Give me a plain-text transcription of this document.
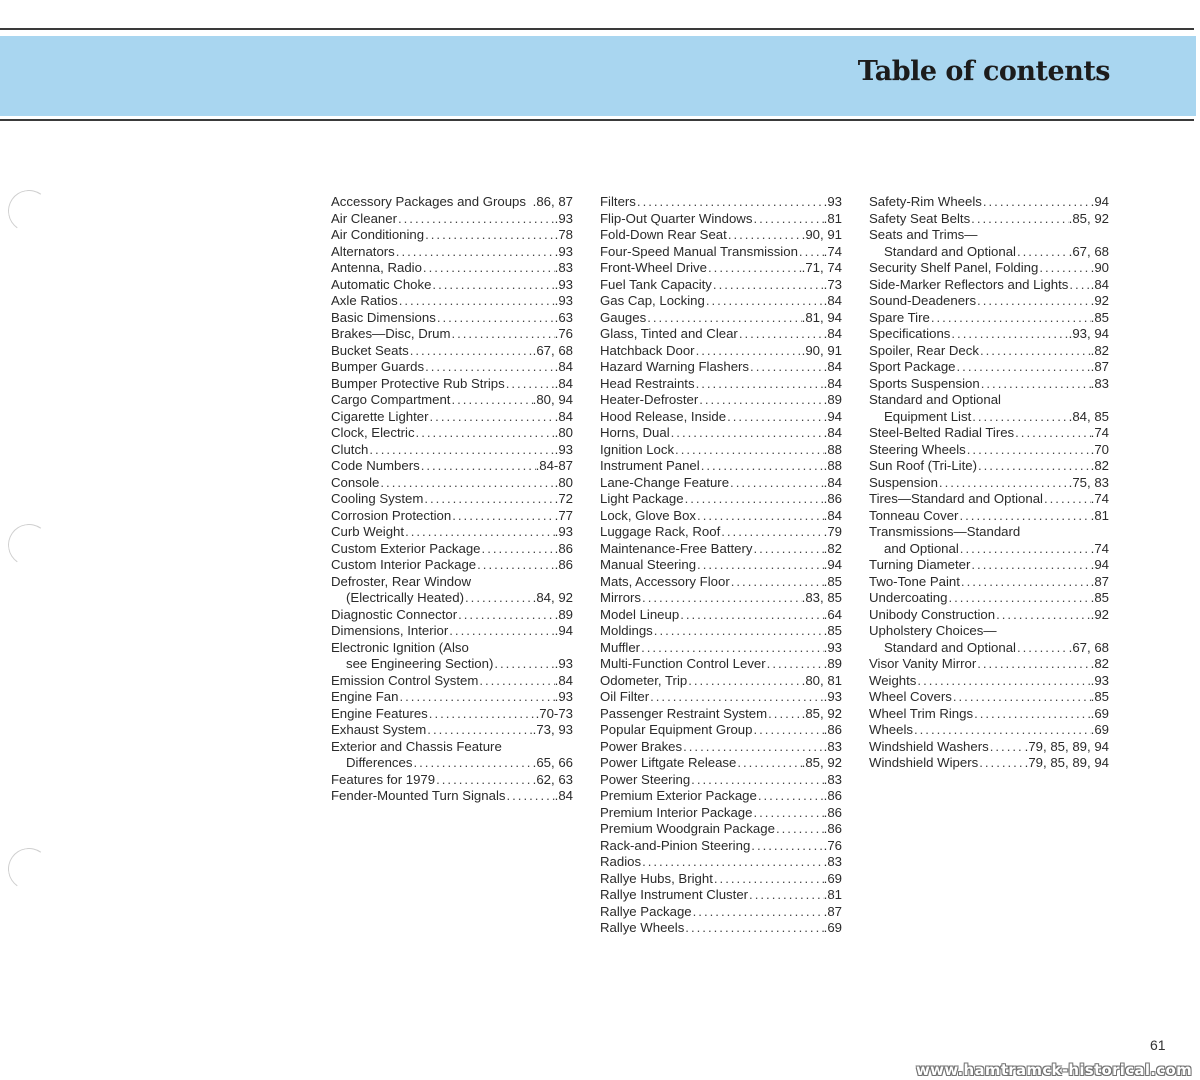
Table of contents
Accessory Packages and Groups .86, 87
Air Cleaner .....	.93
Air Conditioning .....	.78
Alternators .....	.93
Antenna, Radio .....	.83
Automatic Choke .....	.93
Axle Ratios .....	.93
Basic Dimensions .....	.63
Brakes—Disc, Drum .....	.76
Bucket Seats .....	.67, 68
Bumper Guards .....	.84
Bumper Protective Rub Strips .....	.84
Cargo Compartment .....	.80, 94
Cigarette Lighter .....	.84
Clock, Electric .....	.80
Clutch .....	.93
Code Numbers .....	.84-87
Console .....	.80
Cooling System .....	.72
Corrosion Protection .....	.77
Curb Weight .....	.93
Custom Exterior Package .....	.86
Custom Interior Package .....	.86
Defroster, Rear Window
(Electrically Heated) .....	.84, 92
Diagnostic Connector .....	.89
Dimensions, Interior .....	.94
Electronic Ignition (Also
see Engineering Section) .....	.93
Emission Control System .....	.84
Engine Fan .....	.93
Engine Features .....	.70-73
Exhaust System .....	.73, 93
Exterior and Chassis Feature
Differences .....	.65, 66
Features for 1979 .....	.62, 63
Fender-Mounted Turn Signals .....	.84
Filters .....	.93
Flip-Out Quarter Windows .....	.81
Fold-Down Rear Seat .....	.90, 91
Four-Speed Manual Transmission ..... .74
Front-Wheel Drive .....	.71, 74
Fuel Tank Capacity .....	.73
Gas Cap, Locking .....	.84
Gauges .....	.81, 94
Glass, Tinted and Clear .....	.84
Hatchback Door .....	.90, 91
Hazard Warning Flashers .....	.84
Head Restraints .....	.84
Heater-Defroster .....	.89
Hood Release, Inside .....	.94
Horns, Dual .....	.84
Ignition Lock .....	.88
Instrument Panel .....	.88
Lane-Change Feature .....	.84
Light Package .....	.86
Lock, Glove Box .....	.84
Luggage Rack, Roof .....	.79
Maintenance-Free Battery .....	.82
Manual Steering .....	.94
Mats, Accessory Floor .....	.85
Mirrors .....	.83, 85
Model Lineup .....	.64
Moldings .....	.85
Muffler .....	.93
Multi-Function Control Lever .....	.89
Odometer, Trip .....	.80, 81
Oil Filter .....	.93
Passenger Restraint System .....	.85, 92
Popular Equipment Group .....	.86
Power Brakes .....	.83
Power Liftgate Release .....	.85, 92
Power Steering .....	.83
Premium Exterior Package .....	.86
Premium Interior Package .....	.86
Premium Woodgrain Package .....	.86
Rack-and-Pinion Steering .....	.76
Radios .....	.83
Rallye Hubs, Bright .....	.69
Rallye Instrument Cluster .....	.81
Rallye Package .....	.87
Rallye Wheels .....	.69
Safety-Rim Wheels .....	.94
Safety Seat Belts .....	.85, 92
Seats and Trims—
Standard and Optional .....	.67, 68
Security Shelf Panel, Folding .....	.90
Side-Marker Reflectors and Lights ..... .84
Sound-Deadeners .....	.92
Spare Tire .....	.85
Specifications .....	.93, 94
Spoiler, Rear Deck .....	.82
Sport Package .....	.87
Sports Suspension .....	.83
Standard and Optional
Equipment List .....	.84, 85
Steel-Belted Radial Tires .....	.74
Steering Wheels .....	.70
Sun Roof (Tri-Lite) .....	.82
Suspension .....	.75, 83
Tires—Standard and Optional .....	.74
Tonneau Cover .....	.81
Transmissions—Standard
and Optional .....	.74
Turning Diameter .....	.94
Two-Tone Paint .....	.87
Undercoating .....	.85
Unibody Construction .....	.92
Upholstery Choices—
Standard and Optional .....	.67, 68
Visor Vanity Mirror .....	.82
Weights .....	.93
Wheel Covers .....	.85
Wheel Trim Rings .....	.69
Wheels .....	.69
Windshield Washers .....	.79, 85, 89, 94
Windshield Wipers .....	.79, 85, 89, 94
61
www.hamtramck-historical.com
